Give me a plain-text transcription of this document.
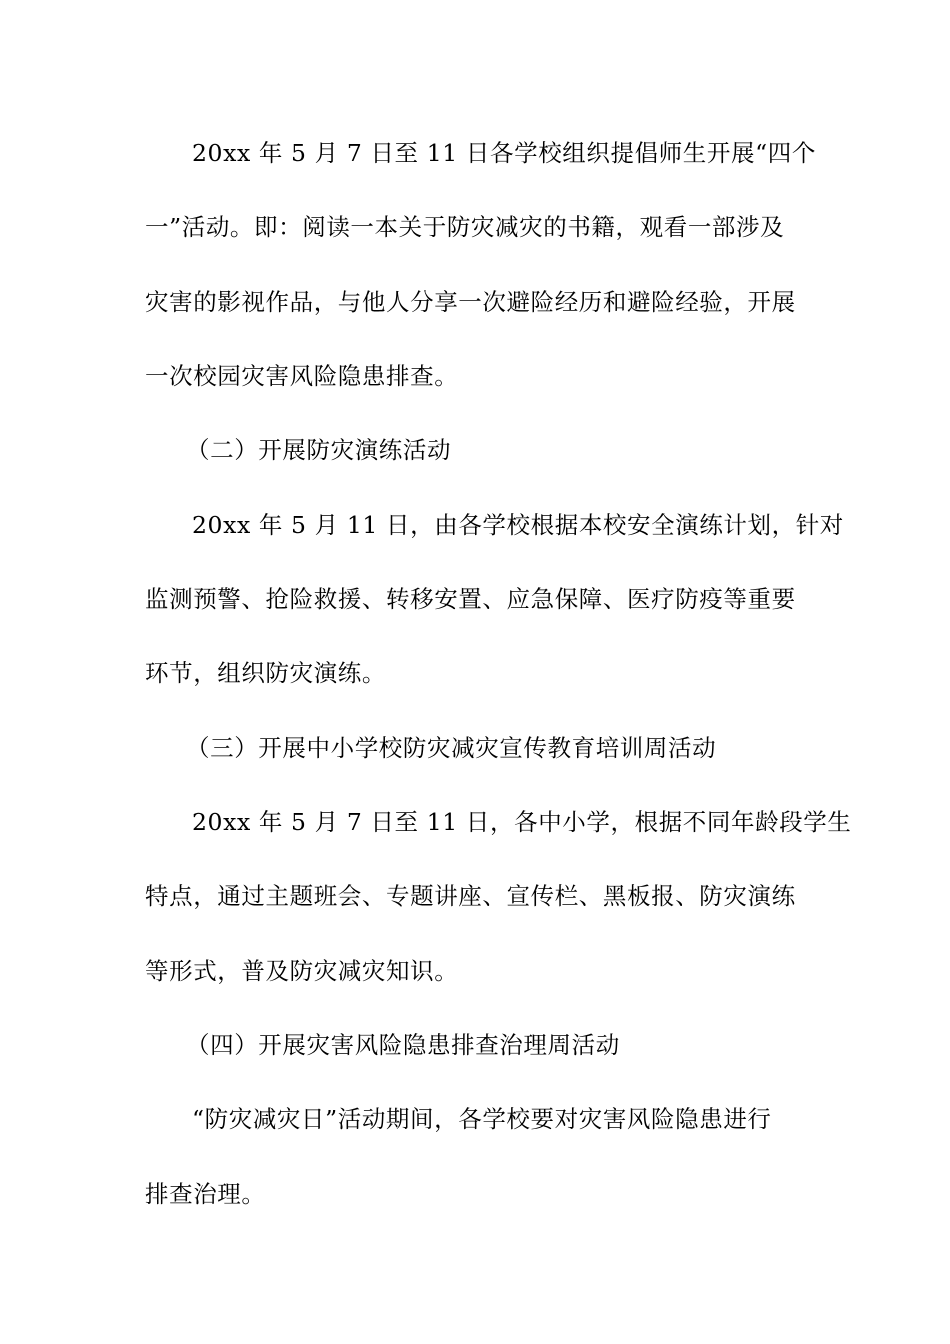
20xx 年 5 月 7 日至 11 日各学校组织提倡师生开展“四个
一”活动。即：阅读一本关于防灾减灾的书籍，观看一部涉及
灾害的影视作品，与他人分享一次避险经历和避险经验，开展
一次校园灾害风险隐患排查。
（二）开展防灾演练活动
20xx 年 5 月 11 日，由各学校根据本校安全演练计划，针对
监测预警、抢险救援、转移安置、应急保障、医疗防疫等重要
环节，组织防灾演练。
（三）开展中小学校防灾减灾宣传教育培训周活动
20xx 年 5 月 7 日至 11 日，各中小学，根据不同年龄段学生
特点，通过主题班会、专题讲座、宣传栏、黑板报、防灾演练
等形式，普及防灾减灾知识。
（四）开展灾害风险隐患排查治理周活动
“防灾减灾日”活动期间，各学校要对灾害风险隐患进行
排查治理。
